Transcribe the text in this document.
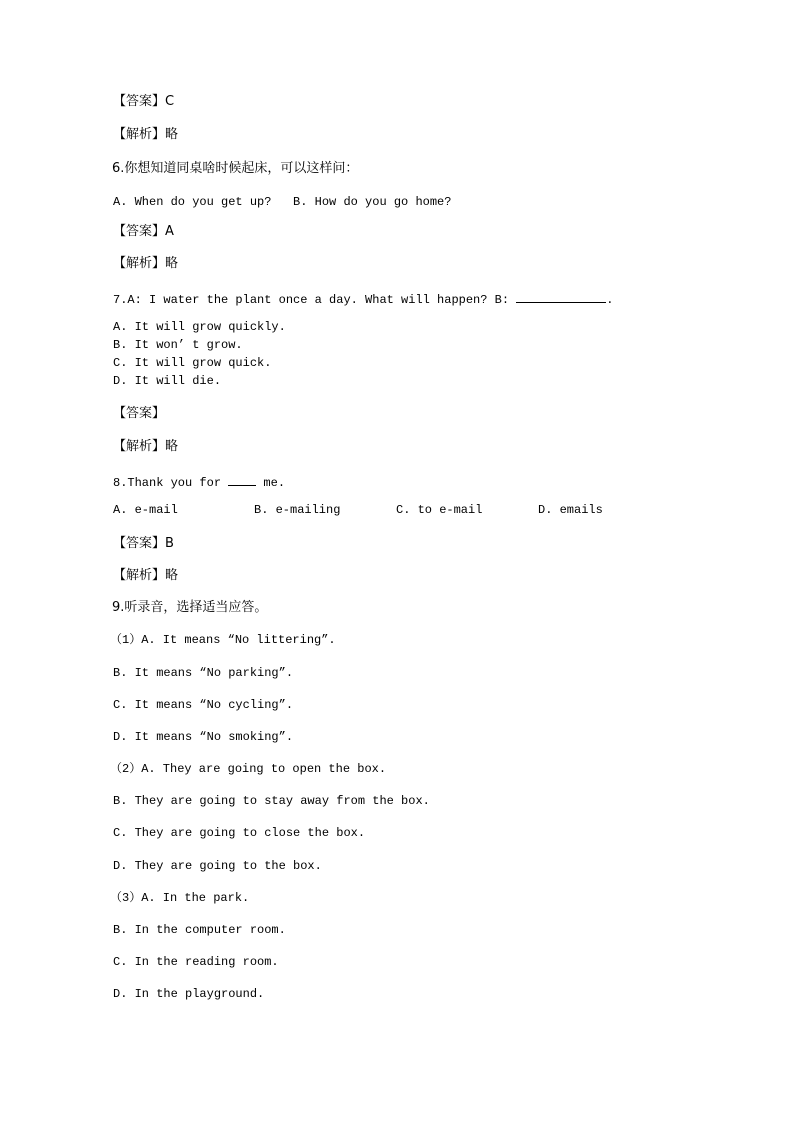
【答案】C
【解析】略
6.你想知道同桌啥时候起床，可以这样问：
A. When do you get up?   B. How do you go home?
【答案】A
【解析】略
7.A: I water the plant once a day. What will happen? B:	.
A. It will grow quickly.
B. It won’ t grow.
C. It will grow quick.
D. It will die.
【答案】
【解析】略
8.Thank you for  me.
A. e-mail	B. e-mailing	C. to e-mail	D. emails
【答案】B
【解析】略
9.听录音，选择适当应答。
（1）A. It means “No littering”.
B. It means “No parking”.
C. It means “No cycling”.
D. It means “No smoking”.
（2）A. They are going to open the box.
B. They are going to stay away from the box.
C. They are going to close the box.
D. They are going to the box.
（3）A. In the park.
B. In the computer room.
C. In the reading room.
D. In the playground.
